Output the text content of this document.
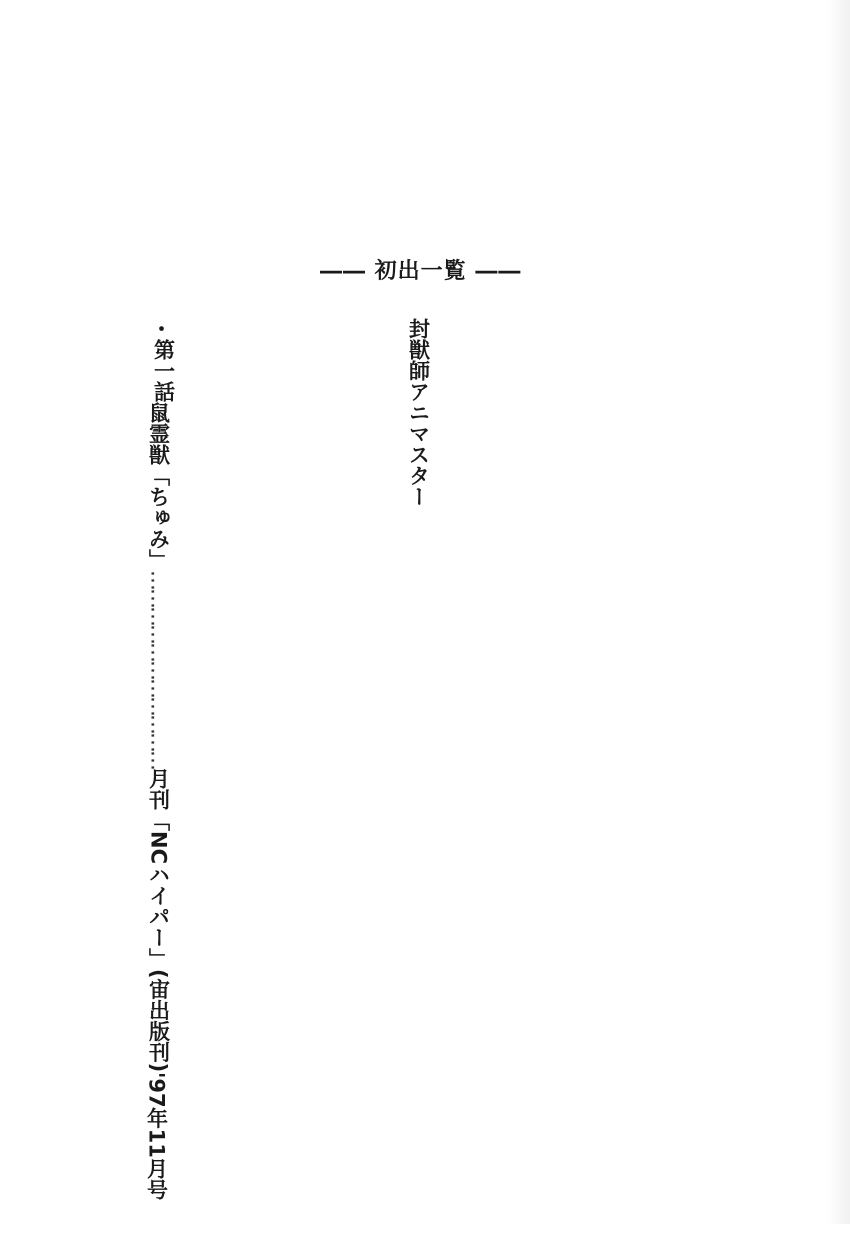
―― 初出一覧 ――
封獣師アニマスター
・
第一話
鼠霊獣「ちゅみ」
……………………………
月刊「NCハイパー」(宙出版刊)
'97年11月号
